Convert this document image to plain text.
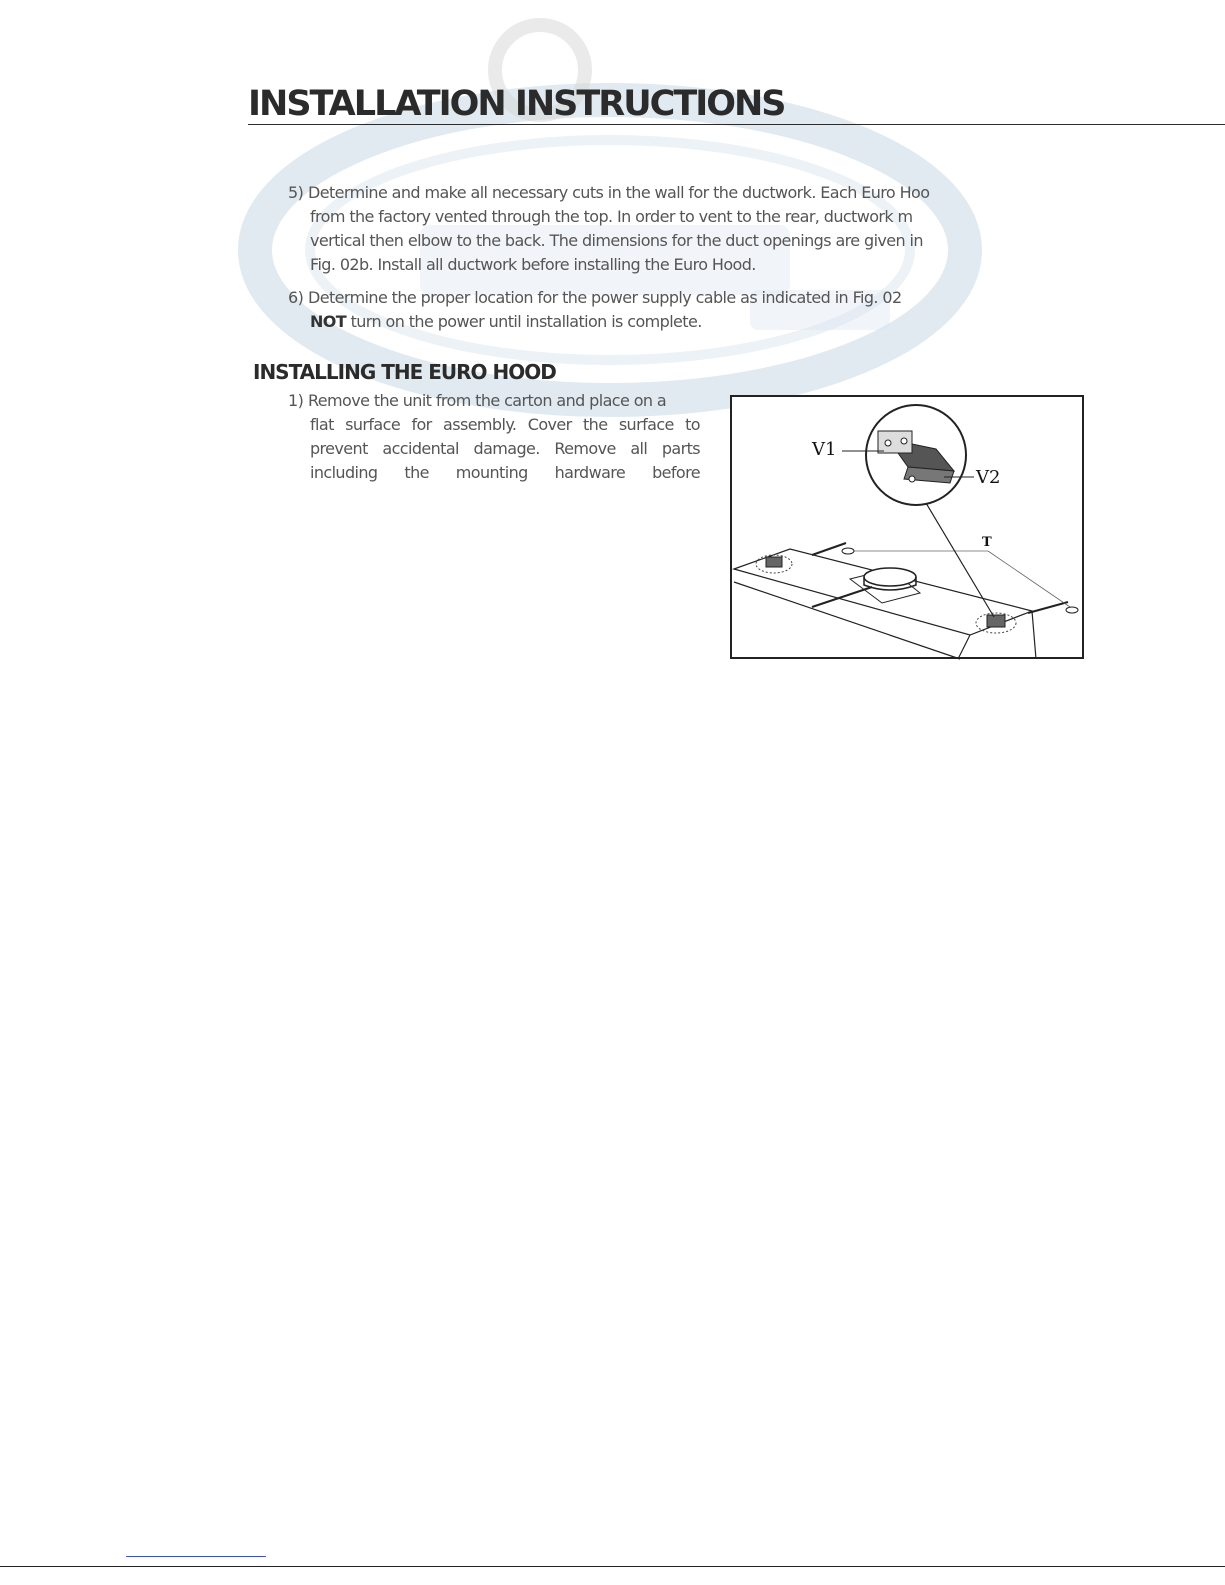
INSTALLATION INSTRUCTIONS
5) Determine and make all necessary cuts in the wall for the ductwork. Each Euro Hoo
from the factory vented through the top. In order to vent to the rear, ductwork m
vertical then elbow to the back. The dimensions for the duct openings are given in
Fig. 02b. Install all ductwork before installing the Euro Hood.
6) Determine the proper location for the power supply cable as indicated in Fig. 02
NOT turn on the power until installation is complete.
INSTALLING THE EURO HOOD
1) Remove the unit from the carton and place on a
flat surface for assembly. Cover the surface to
prevent accidental damage. Remove all parts
including the mounting hardware before
V1
V2
T
